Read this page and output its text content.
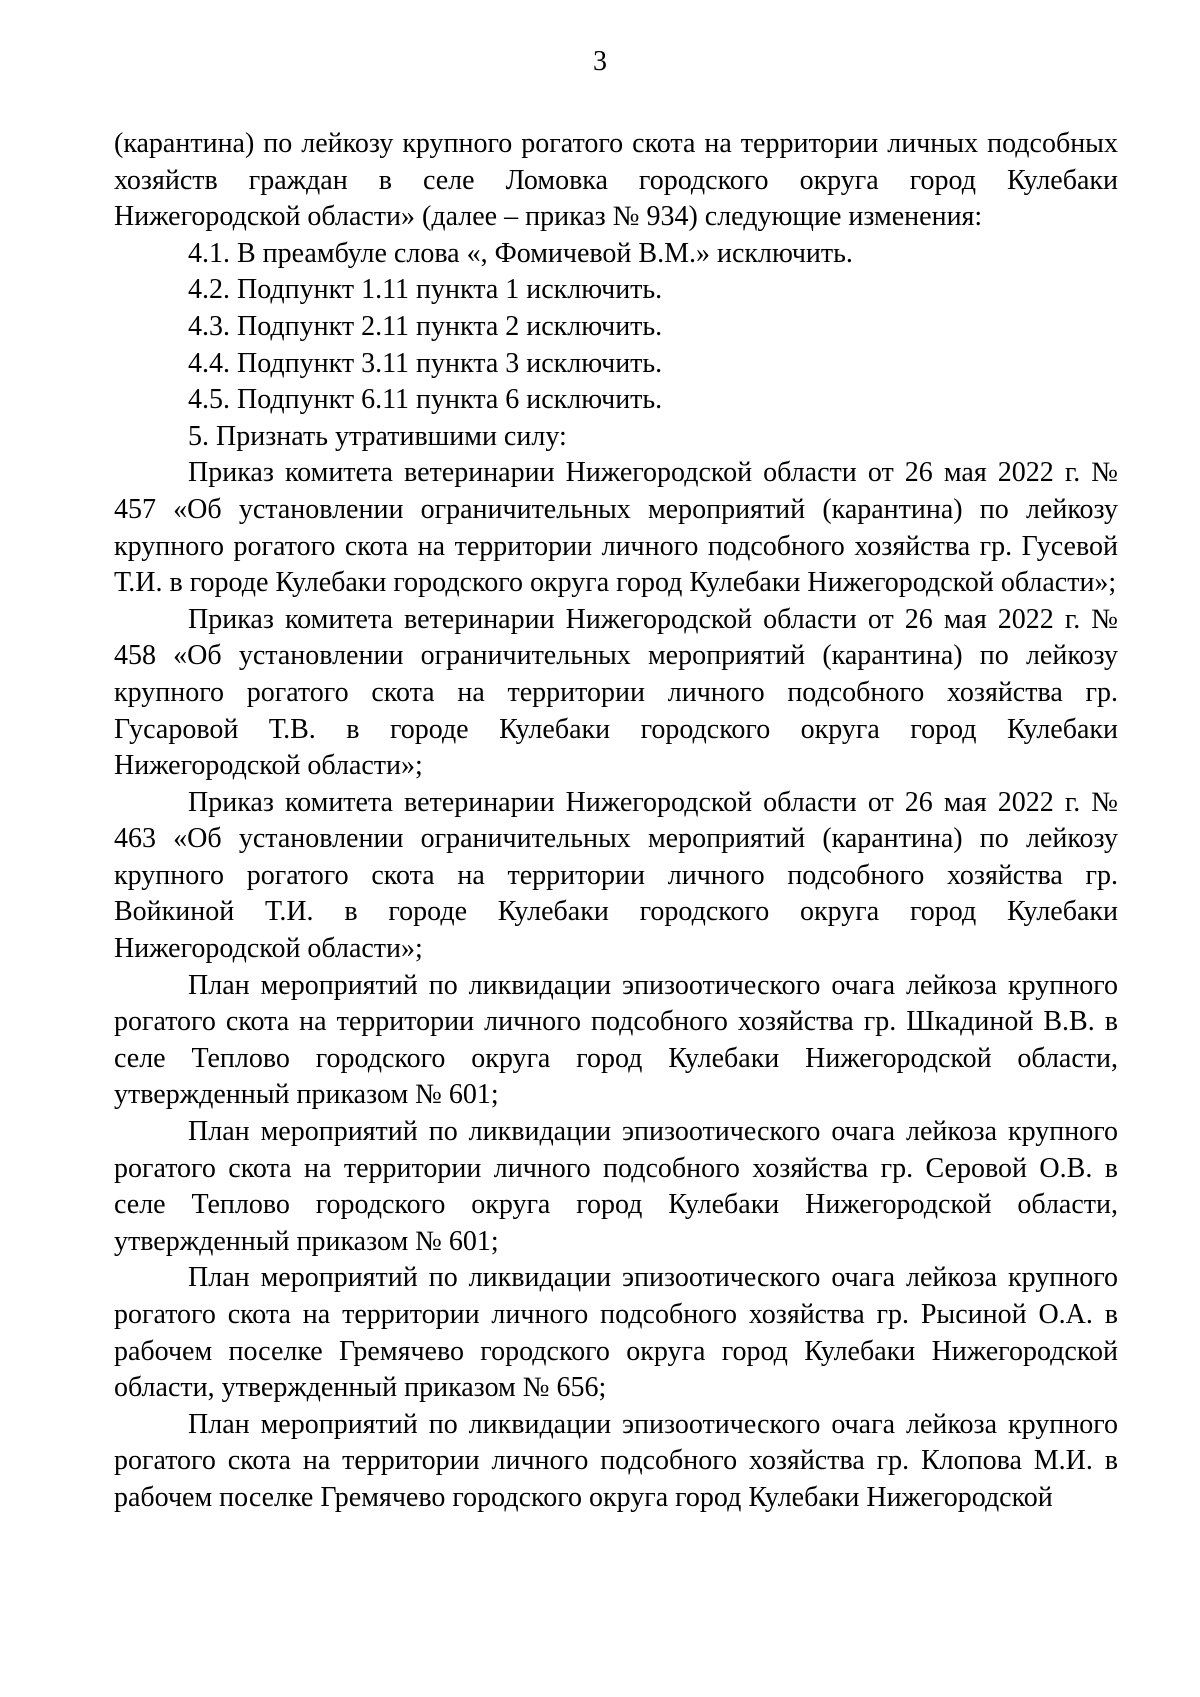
3

(карантина) по лейкозу крупного рогатого скота на территории личных подсобных хозяйств граждан в селе Ломовка городского округа город Кулебаки Нижегородской области» (далее – приказ № 934) следующие изменения:

4.1. В преамбуле слова «, Фомичевой В.М.» исключить.

4.2. Подпункт 1.11 пункта 1 исключить.

4.3. Подпункт 2.11 пункта 2 исключить.

4.4. Подпункт 3.11 пункта 3 исключить.

4.5. Подпункт 6.11 пункта 6 исключить.

5. Признать утратившими силу:

Приказ комитета ветеринарии Нижегородской области от 26 мая 2022 г. № 457 «Об установлении ограничительных мероприятий (карантина) по лейкозу крупного рогатого скота на территории личного подсобного хозяйства гр. Гусевой Т.И. в городе Кулебаки городского округа город Кулебаки Нижегородской области»;

Приказ комитета ветеринарии Нижегородской области от 26 мая 2022 г. № 458 «Об установлении ограничительных мероприятий (карантина) по лейкозу крупного рогатого скота на территории личного подсобного хозяйства гр. Гусаровой Т.В. в городе Кулебаки городского округа город Кулебаки Нижегородской области»;

Приказ комитета ветеринарии Нижегородской области от 26 мая 2022 г. № 463 «Об установлении ограничительных мероприятий (карантина) по лейкозу крупного рогатого скота на территории личного подсобного хозяйства гр. Войкиной Т.И. в городе Кулебаки городского округа город Кулебаки Нижегородской области»;

План мероприятий по ликвидации эпизоотического очага лейкоза крупного рогатого скота на территории личного подсобного хозяйства гр. Шкадиной В.В. в селе Теплово городского округа город Кулебаки Нижегородской области, утвержденный приказом № 601;

План мероприятий по ликвидации эпизоотического очага лейкоза крупного рогатого скота на территории личного подсобного хозяйства гр. Серовой О.В. в селе Теплово городского округа город Кулебаки Нижегородской области, утвержденный приказом № 601;

План мероприятий по ликвидации эпизоотического очага лейкоза крупного рогатого скота на территории личного подсобного хозяйства гр. Рысиной О.А. в рабочем поселке Гремячево городского округа город Кулебаки Нижегородской области, утвержденный приказом № 656;

План мероприятий по ликвидации эпизоотического очага лейкоза крупного рогатого скота на территории личного подсобного хозяйства гр. Клопова М.И. в рабочем поселке Гремячево городского округа город Кулебаки Нижегородской
